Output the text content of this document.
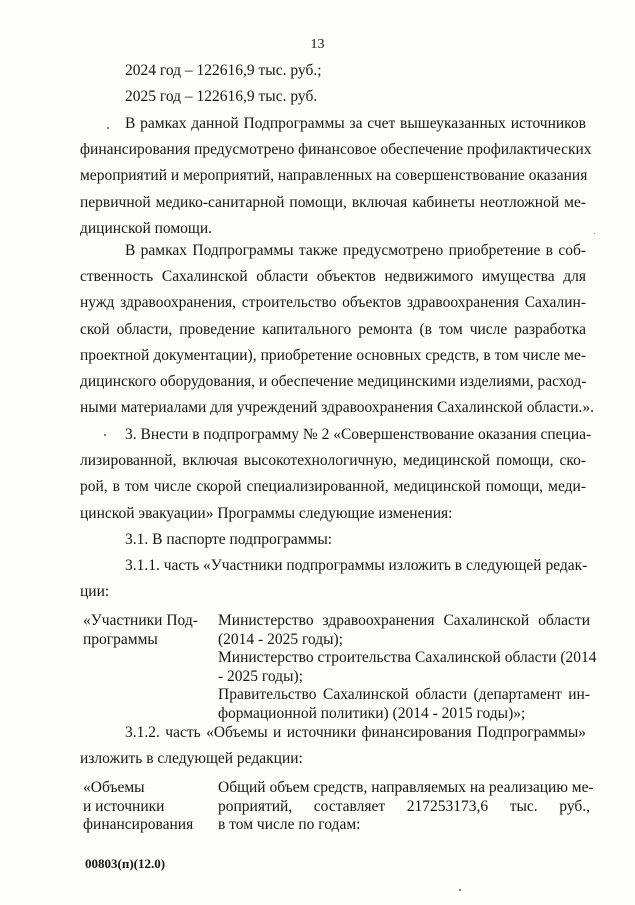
13
2024 год – 122616,9 тыс. руб.;
2025 год – 122616,9 тыс. руб.
В рамках данной Подпрограммы за счет вышеуказанных источников
финансирования предусмотрено финансовое обеспечение профилактических
мероприятий и мероприятий, направленных на совершенствование оказания
первичной медико-санитарной помощи, включая кабинеты неотложной ме-
дицинской помощи.
В рамках Подпрограммы также предусмотрено приобретение в соб-
ственность Сахалинской области объектов недвижимого имущества для
нужд здравоохранения, строительство объектов здравоохранения Сахалин-
ской области, проведение капитального ремонта (в том числе разработка
проектной документации), приобретение основных средств, в том числе ме-
дицинского оборудования, и обеспечение медицинскими изделиями, расход-
ными материалами для учреждений здравоохранения Сахалинской области.».
3. Внести в подпрограмму № 2 «Совершенствование оказания специа-
лизированной, включая высокотехнологичную, медицинской помощи, ско-
рой, в том числе скорой специализированной, медицинской помощи, меди-
цинской эвакуации» Программы следующие изменения:
3.1. В паспорте подпрограммы:
3.1.1. часть «Участники подпрограммы изложить в следующей редак-
ции:
«Участники Под-
программы
Министерство здравоохранения Сахалинской области
(2014 - 2025 годы);
Министерство строительства Сахалинской области (2014
- 2025 годы);
Правительство Сахалинской области (департамент ин-
формационной политики) (2014 - 2015 годы)»;
3.1.2. часть «Объемы и источники финансирования Подпрограммы»
изложить в следующей редакции:
«Объемы
и источники
финансирования
Общий объем средств, направляемых на реализацию ме-
роприятий, составляет 217253173,6 тыс. руб.,
в том числе по годам:
00803(п)(12.0)
